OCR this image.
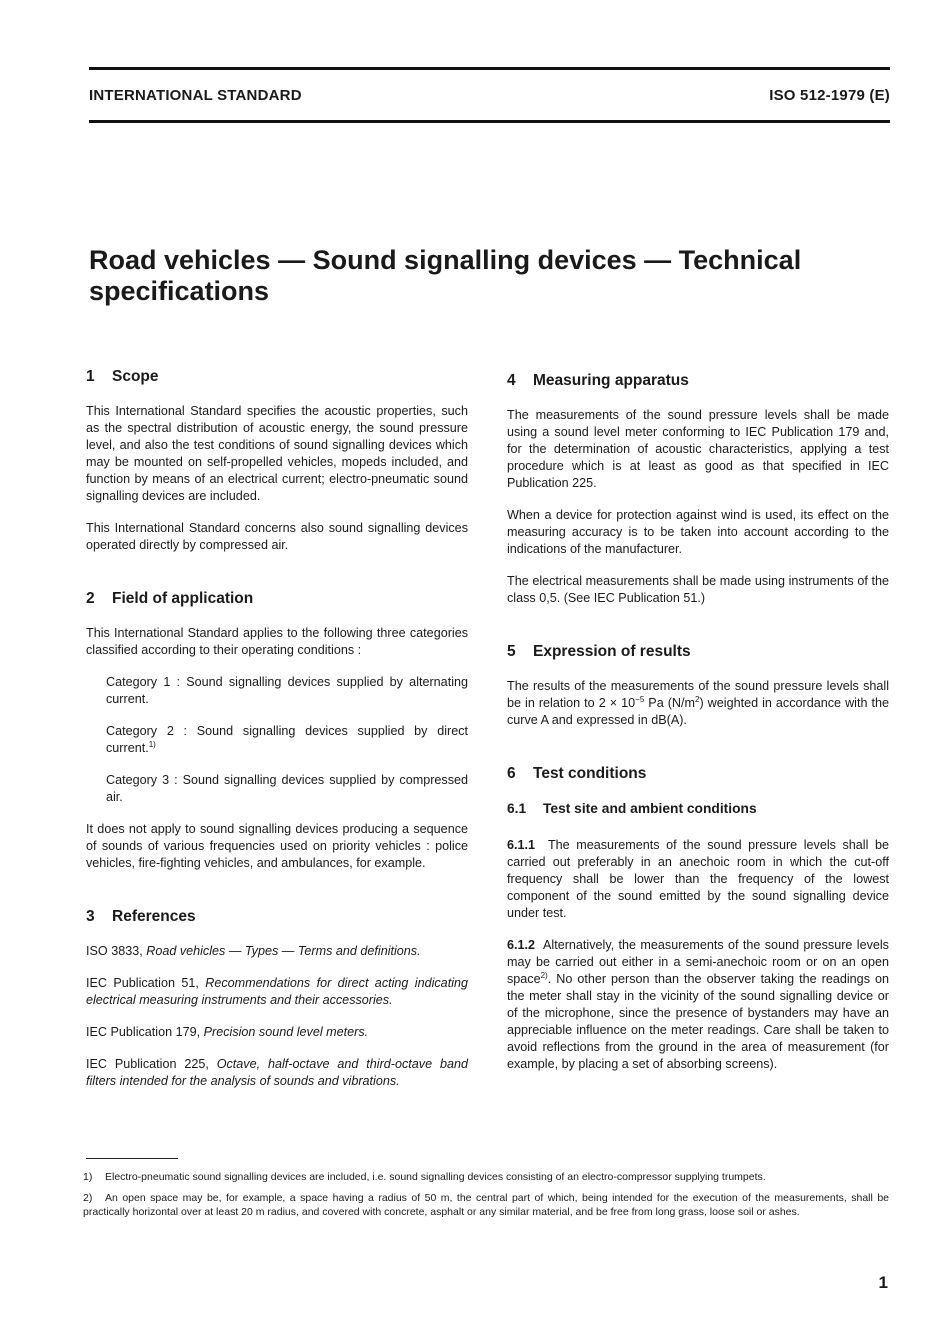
INTERNATIONAL STANDARD	ISO 512-1979 (E)
Road vehicles — Sound signalling devices — Technical
specifications
1 Scope

This International Standard specifies the acoustic properties, such as the spectral distribution of acoustic energy, the sound pressure level, and also the test conditions of sound signalling devices which may be mounted on self-propelled vehicles, mopeds included, and function by means of an electrical current; electro-pneumatic sound signalling devices are included.

This International Standard concerns also sound signalling devices operated directly by compressed air.

2 Field of application

This International Standard applies to the following three categories classified according to their operating conditions :

Category 1 : Sound signalling devices supplied by alternating current.

Category 2 : Sound signalling devices supplied by direct current.$^{1)}$

Category 3 : Sound signalling devices supplied by compressed air.

It does not apply to sound signalling devices producing a sequence of sounds of various frequencies used on priority vehicles : police vehicles, fire-fighting vehicles, and ambulances, for example.

3 References

ISO 3833, Road vehicles — Types — Terms and definitions.

IEC Publication 51, Recommendations for direct acting indicating electrical measuring instruments and their accessories.

IEC Publication 179, Precision sound level meters.

IEC Publication 225, Octave, half-octave and third-octave band filters intended for the analysis of sounds and vibrations.

4 Measuring apparatus

The measurements of the sound pressure levels shall be made using a sound level meter conforming to IEC Publication 179 and, for the determination of acoustic characteristics, applying a test procedure which is at least as good as that specified in IEC Publication 225.

When a device for protection against wind is used, its effect on the measuring accuracy is to be taken into account according to the indications of the manufacturer.

The electrical measurements shall be made using instruments of the class 0,5. (See IEC Publication 51.)

5 Expression of results

The results of the measurements of the sound pressure levels shall be in relation to $2 \times 10^{-5}$ Pa $(N/m^2)$ weighted in accordance with the curve A and expressed in dB(A).

6 Test conditions
6.1 Test site and ambient conditions

6.1.1 The measurements of the sound pressure levels shall be carried out preferably in an anechoic room in which the cut-off frequency shall be lower than the frequency of the lowest component of the sound emitted by the sound signalling device under test.

6.1.2 Alternatively, the measurements of the sound pressure levels may be carried out either in a semi-anechoic room or on an open space$^{2)}$. No other person than the observer taking the readings on the meter shall stay in the vicinity of the sound signalling device or of the microphone, since the presence of bystanders may have an appreciable influence on the meter readings. Care shall be taken to avoid reflections from the ground in the area of measurement (for example, by placing a set of absorbing screens).

1) Electro-pneumatic sound signalling devices are included, i.e. sound signalling devices consisting of an electro-compressor supplying trumpets.

2) An open space may be, for example, a space having a radius of 50 m, the central part of which, being intended for the execution of the measurements, shall be practically horizontal over at least 20 m radius, and covered with concrete, asphalt or any similar material, and be free from long grass, loose soil or ashes.

1
